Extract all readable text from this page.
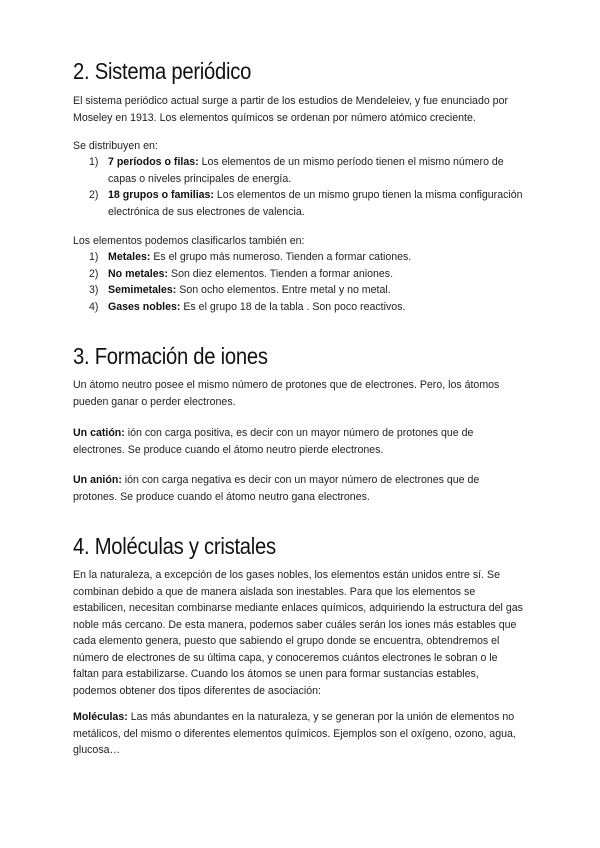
2. Sistema periódico

El sistema periódico actual surge a partir de los estudios de Mendeleiev, y fue enunciado por Moseley en 1913. Los elementos químicos se ordenan por número atómico creciente.

Se distribuyen en:

1) 7 períodos o filas: Los elementos de un mismo período tienen el mismo número de capas o niveles principales de energía.
2) 18 grupos o familias: Los elementos de un mismo grupo tienen la misma configuración electrónica de sus electrones de valencia.

Los elementos podemos clasificarlos también en:

1) Metales: Es el grupo más numeroso. Tienden a formar cationes.
2) No metales: Son diez elementos. Tienden a formar aniones.
3) Semimetales: Son ocho elementos. Entre metal y no metal.
4) Gases nobles: Es el grupo 18 de la tabla . Son poco reactivos.
3. Formación de iones

Un átomo neutro posee el mismo número de protones que de electrones. Pero, los átomos pueden ganar o perder electrones.

Un catión: ión con carga positiva, es decir con un mayor número de protones que de electrones. Se produce cuando el átomo neutro pierde electrones.

Un anión: ión con carga negativa es decir con un mayor número de electrones que de protones. Se produce cuando el átomo neutro gana electrones.

4. Moléculas y cristales

En la naturaleza, a excepción de los gases nobles, los elementos están unidos entre sí. Se combinan debido a que de manera aislada son inestables. Para que los elementos se estabilicen, necesitan combinarse mediante enlaces químicos, adquiriendo la estructura del gas noble más cercano. De esta manera, podemos saber cuáles serán los iones más estables que cada elemento genera, puesto que sabiendo el grupo donde se encuentra, obtendremos el número de electrones de su última capa, y conoceremos cuántos electrones le sobran o le faltan para estabilizarse. Cuando los átomos se unen para formar sustancias estables, podemos obtener dos tipos diferentes de asociación:

Moléculas: Las más abundantes en la naturaleza, y se generan por la unión de elementos no metálicos, del mismo o diferentes elementos químicos. Ejemplos son el oxígeno, ozono, agua, glucosa…
